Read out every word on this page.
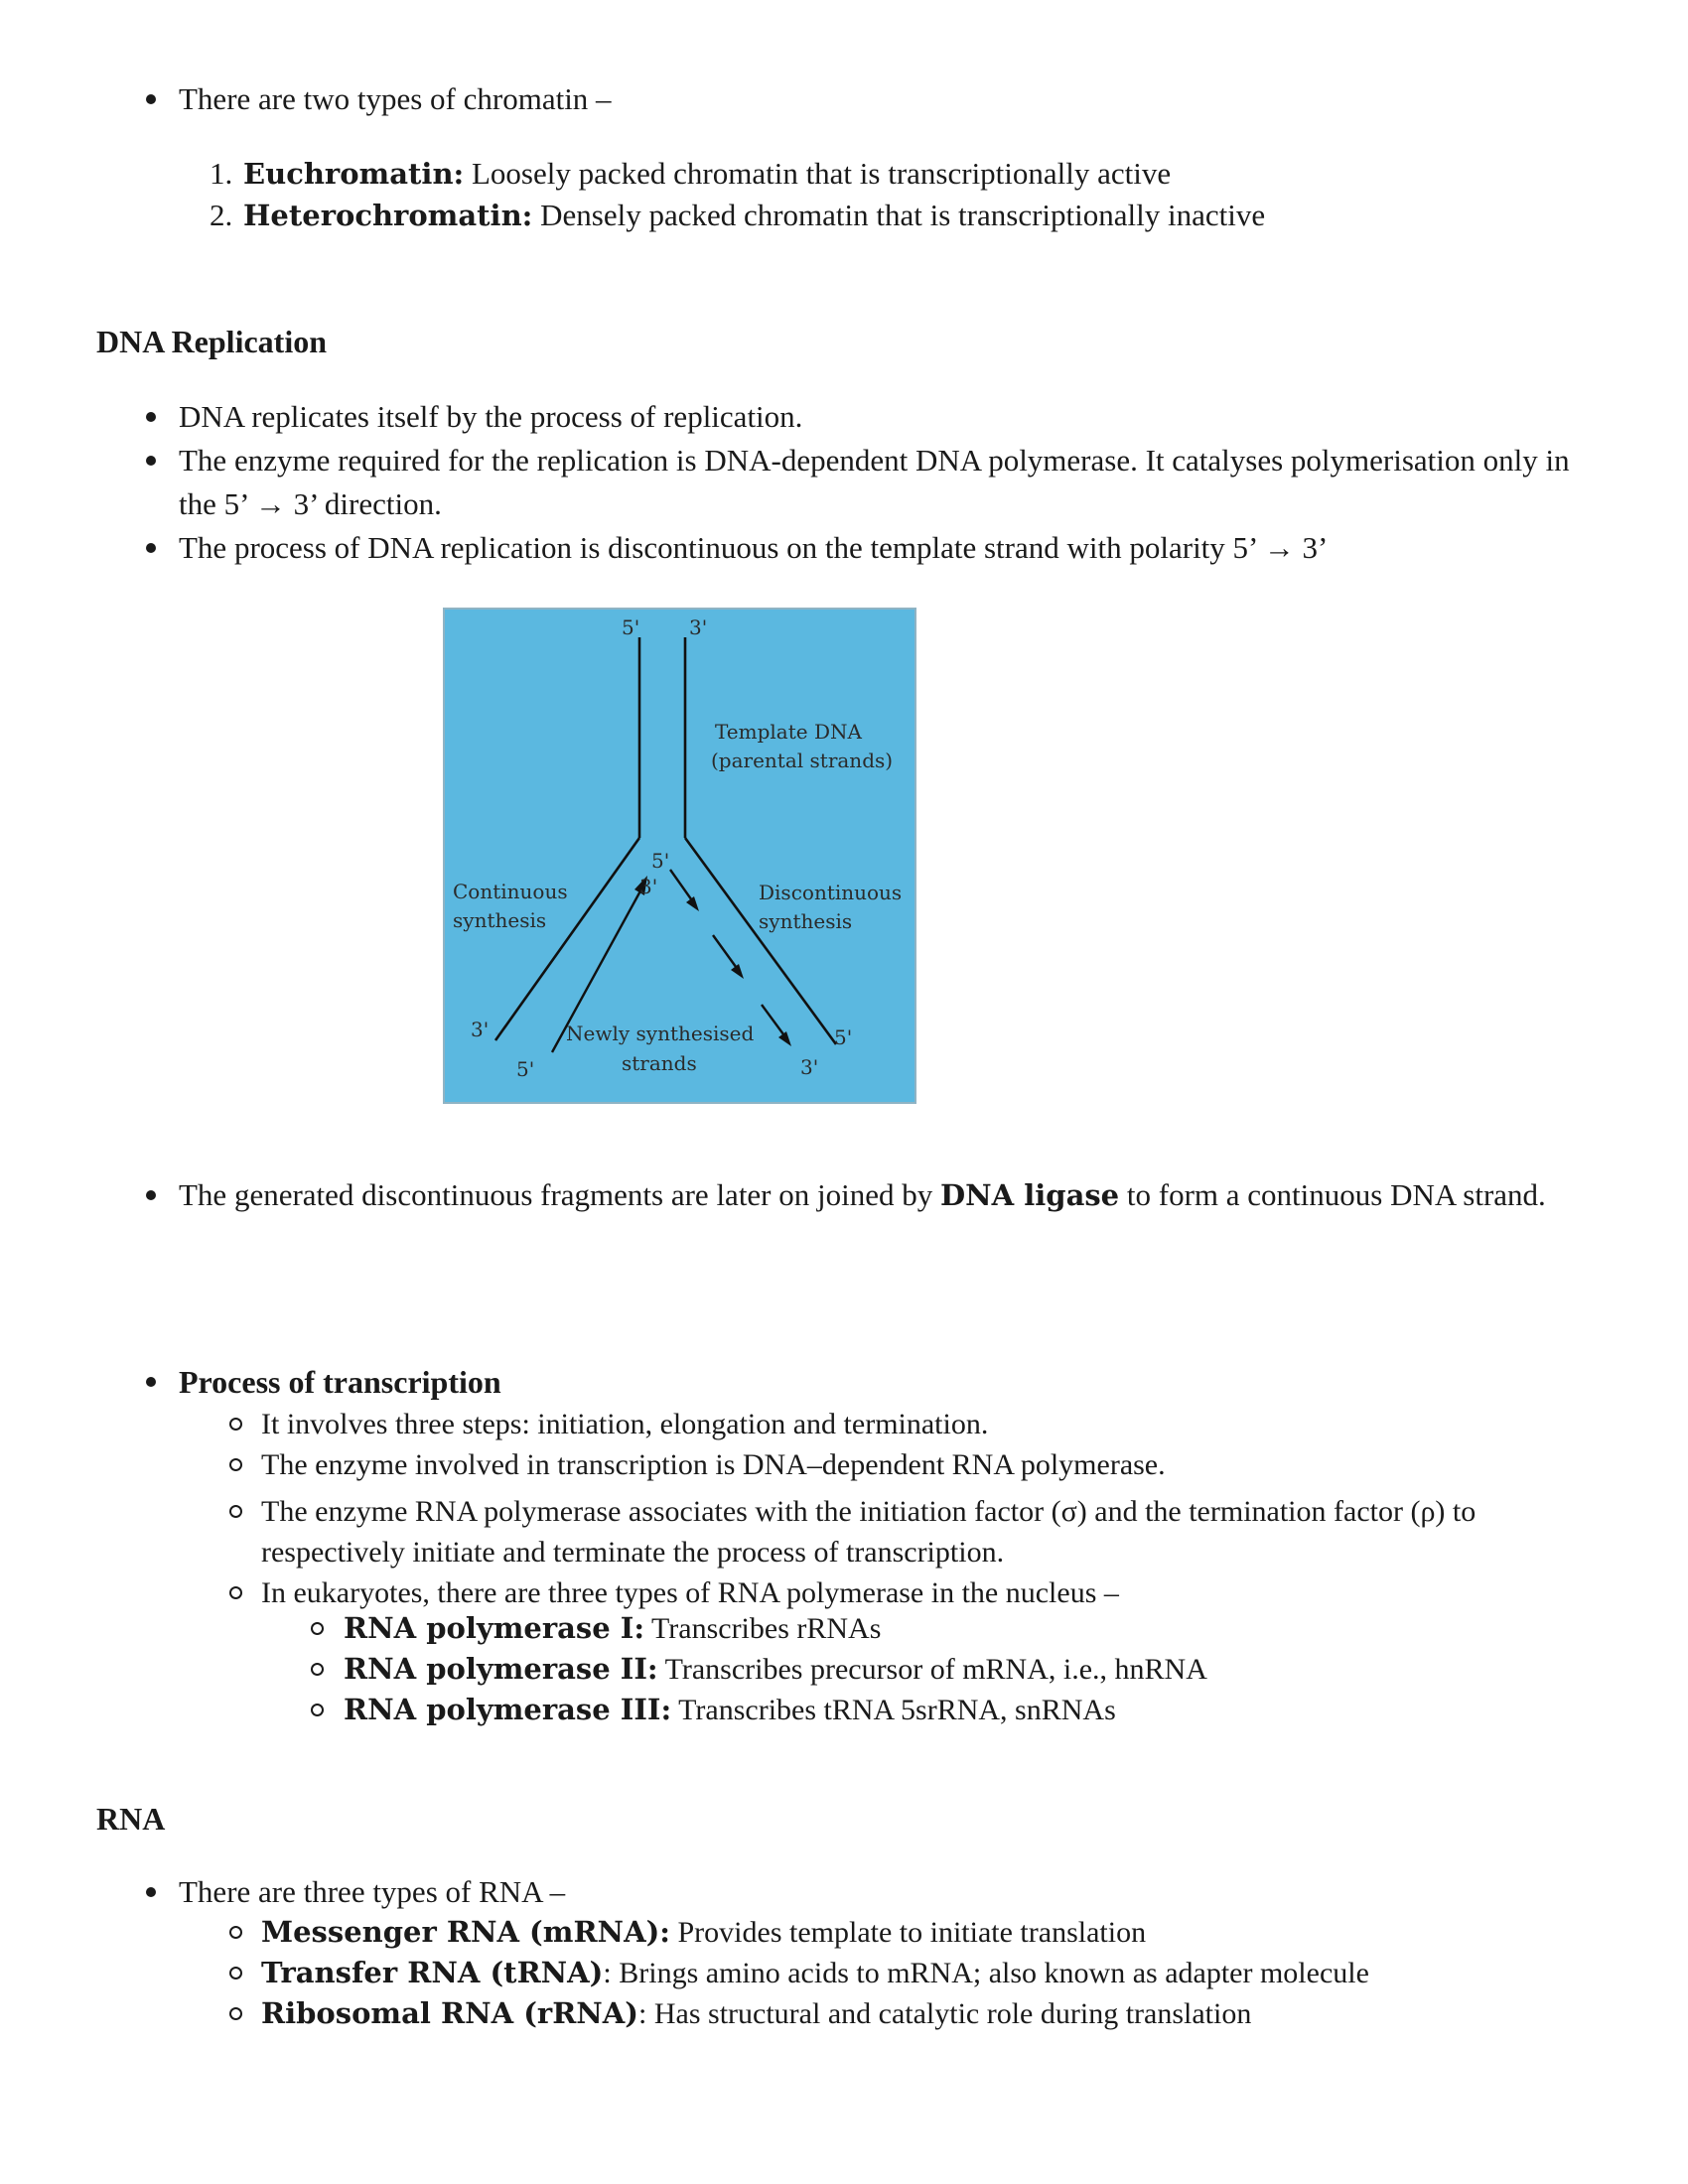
There are two types of chromatin –
1. Euchromatin: Loosely packed chromatin that is transcriptionally active
2. Heterochromatin: Densely packed chromatin that is transcriptionally inactive
DNA Replication
DNA replicates itself by the process of replication.
The enzyme required for the replication is DNA-dependent DNA polymerase. It catalyses polymerisation only in the 5’ → 3’ direction.
The process of DNA replication is discontinuous on the template strand with polarity 5’ → 3’
5' 3'
Template DNA
(parental strands)
5'
3'
Continuous
synthesis
Discontinuous
synthesis
3'
5'
Newly synthesised
strands
5'
3'
The generated discontinuous fragments are later on joined by DNA ligase to form a continuous DNA strand.
Process of transcription
It involves three steps: initiation, elongation and termination.
The enzyme involved in transcription is DNA–dependent RNA polymerase.
The enzyme RNA polymerase associates with the initiation factor (σ) and the termination factor (ρ) to respectively initiate and terminate the process of transcription.
In eukaryotes, there are three types of RNA polymerase in the nucleus –
RNA polymerase I: Transcribes rRNAs
RNA polymerase II: Transcribes precursor of mRNA, i.e., hnRNA
RNA polymerase III: Transcribes tRNA 5srRNA, snRNAs
RNA
There are three types of RNA –
Messenger RNA (mRNA): Provides template to initiate translation
Transfer RNA (tRNA): Brings amino acids to mRNA; also known as adapter molecule
Ribosomal RNA (rRNA): Has structural and catalytic role during translation
